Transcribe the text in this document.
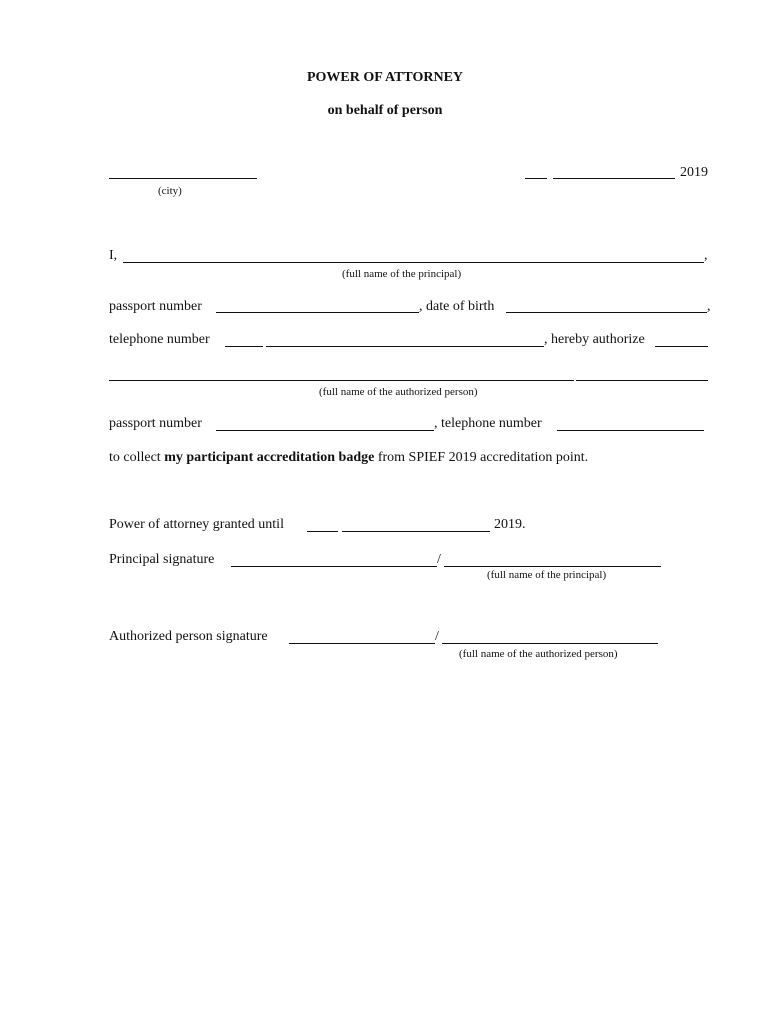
POWER OF ATTORNEY
on behalf of person
(city)
2019
I,	,
(full name of the principal)
passport number	, date of birth	,
telephone number	, hereby authorize
(full name of the authorized person)
passport number	, telephone number
to collect my participant accreditation badge from SPIEF 2019 accreditation point.
Power of attorney granted until	2019.
Principal signature	/
(full name of the principal)
Authorized person signature	/
(full name of the authorized person)
